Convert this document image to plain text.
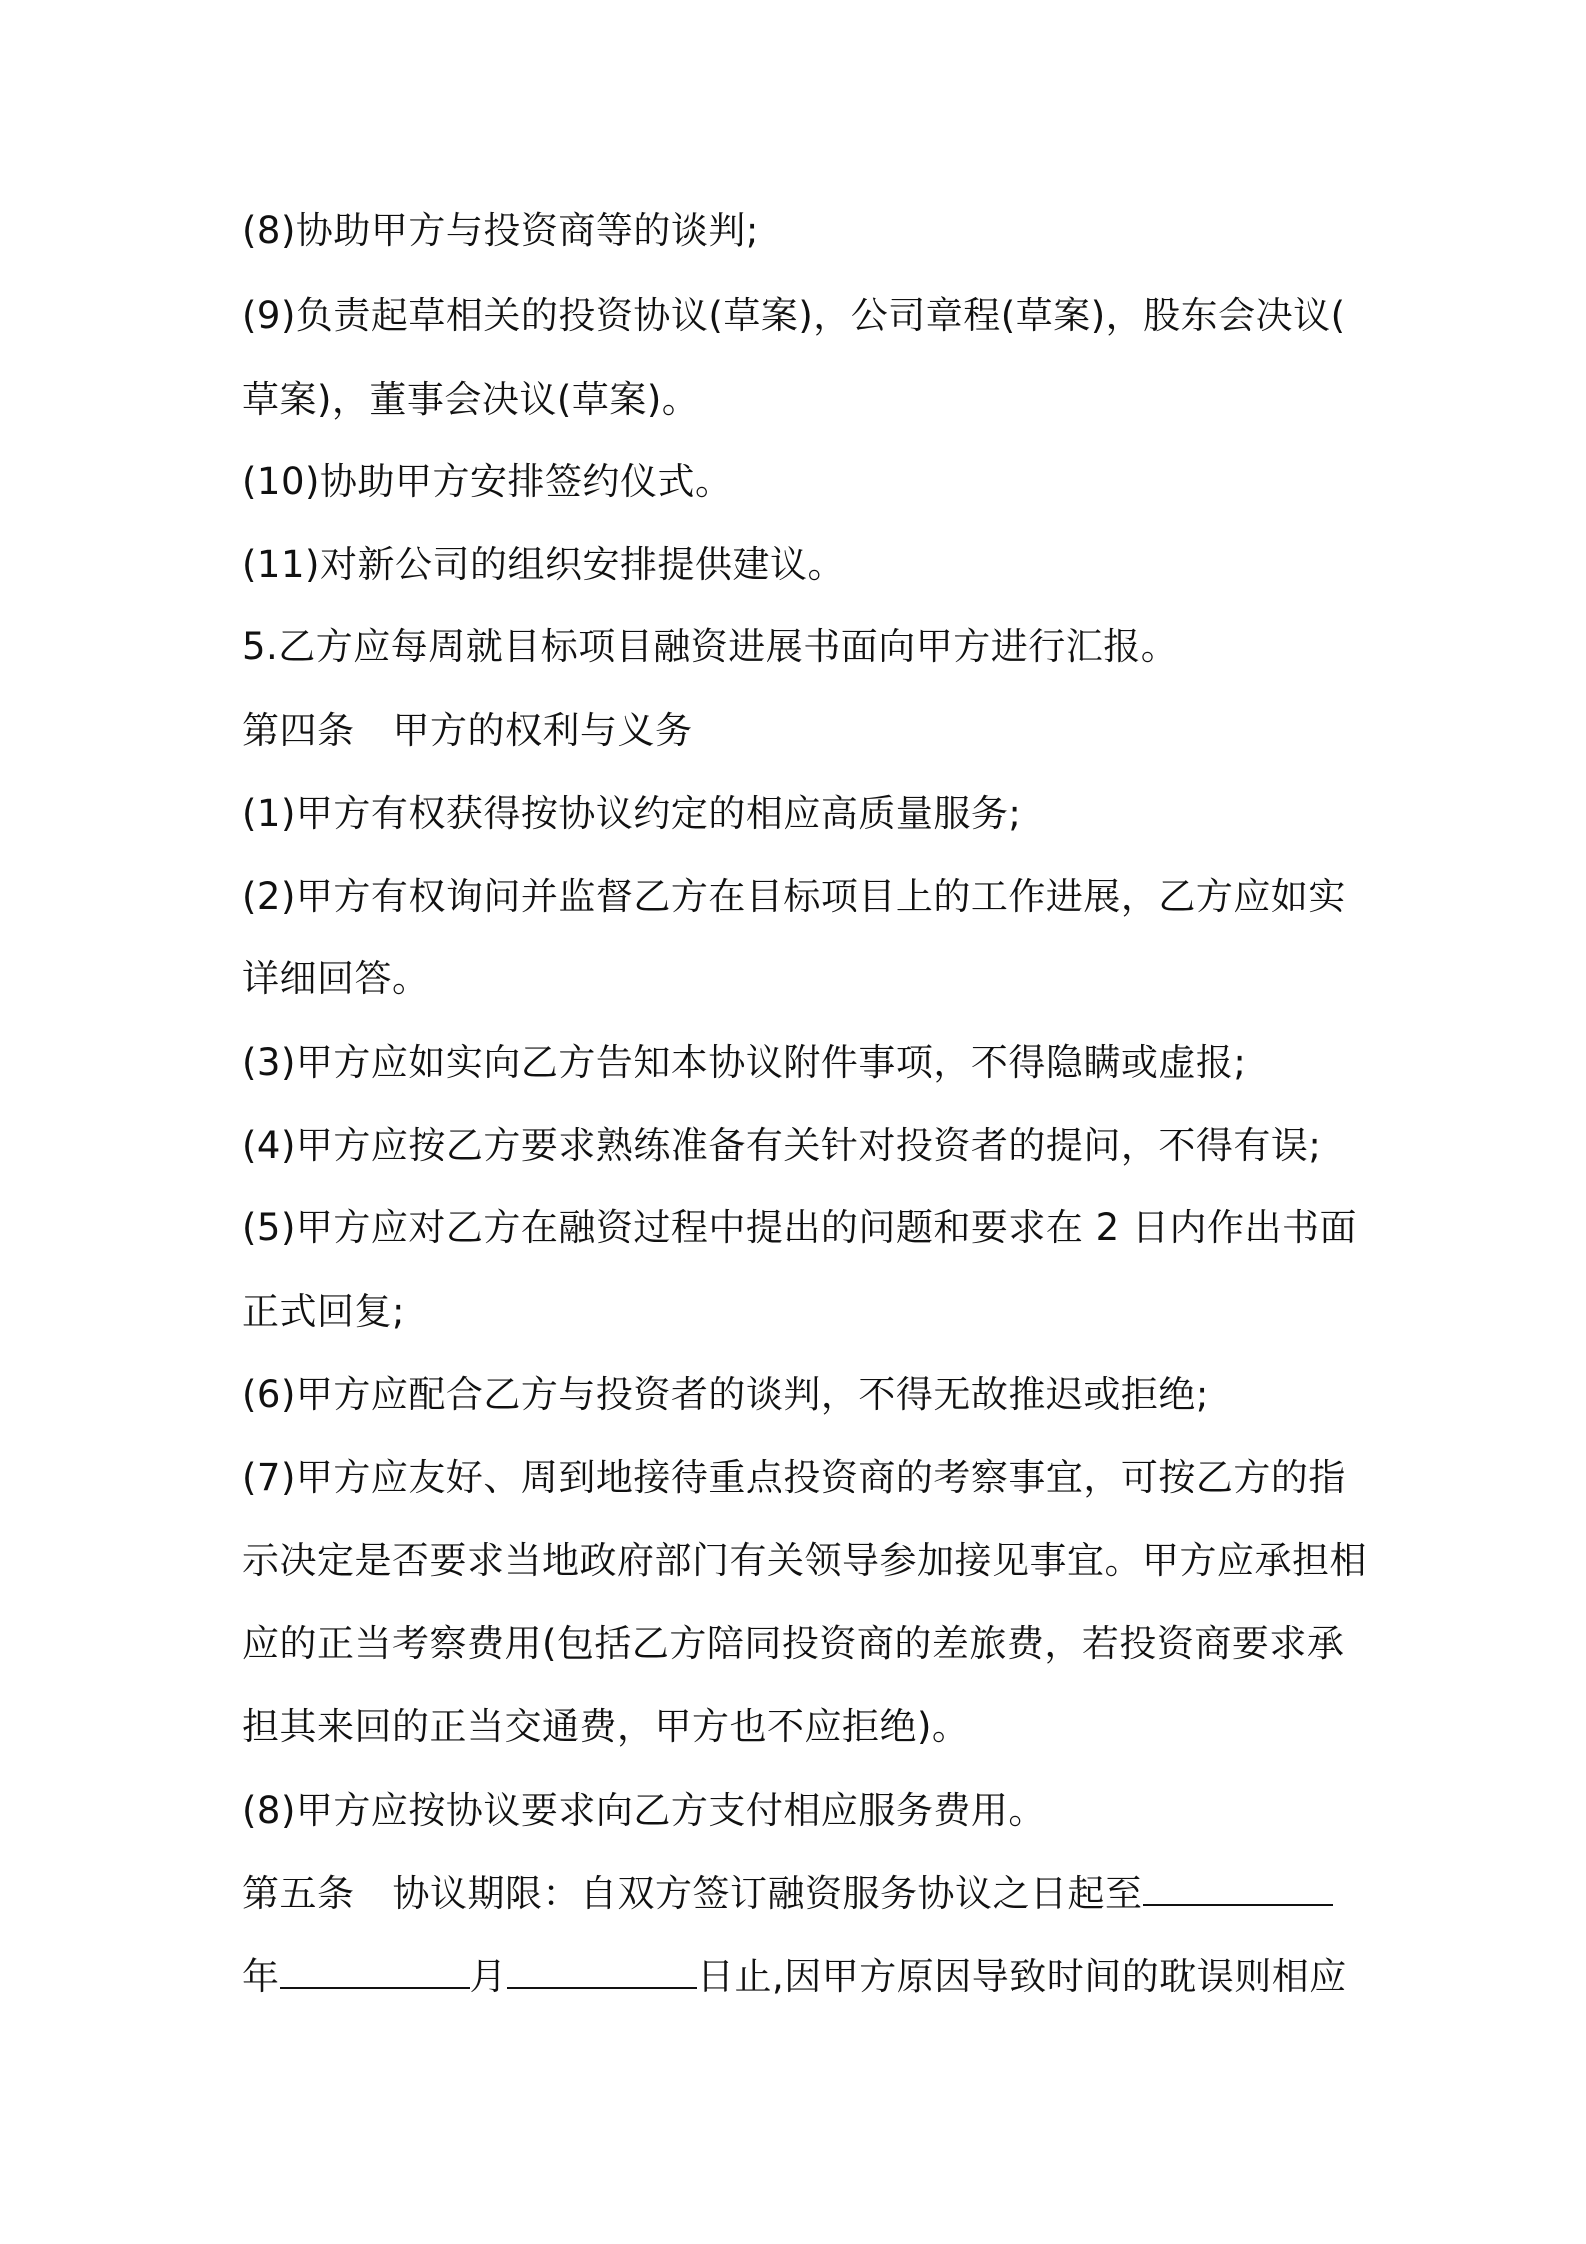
(8)协助甲方与投资商等的谈判;
(9)负责起草相关的投资协议(草案)，公司章程(草案)，股东会决议(
草案)，董事会决议(草案)。
(10)协助甲方安排签约仪式。
(11)对新公司的组织安排提供建议。
5.乙方应每周就目标项目融资进展书面向甲方进行汇报。
第四条 甲方的权利与义务
(1)甲方有权获得按协议约定的相应高质量服务;
(2)甲方有权询问并监督乙方在目标项目上的工作进展，乙方应如实
详细回答。
(3)甲方应如实向乙方告知本协议附件事项，不得隐瞒或虚报;
(4)甲方应按乙方要求熟练准备有关针对投资者的提问，不得有误;
(5)甲方应对乙方在融资过程中提出的问题和要求在 2 日内作出书面
正式回复;
(6)甲方应配合乙方与投资者的谈判，不得无故推迟或拒绝;
(7)甲方应友好、周到地接待重点投资商的考察事宜，可按乙方的指
示决定是否要求当地政府部门有关领导参加接见事宜。甲方应承担相
应的正当考察费用(包括乙方陪同投资商的差旅费，若投资商要求承
担其来回的正当交通费，甲方也不应拒绝)。
(8)甲方应按协议要求向乙方支付相应服务费用。
第五条 协议期限：自双方签订融资服务协议之日起至
年	月	日止,因甲方原因导致时间的耽误则相应
